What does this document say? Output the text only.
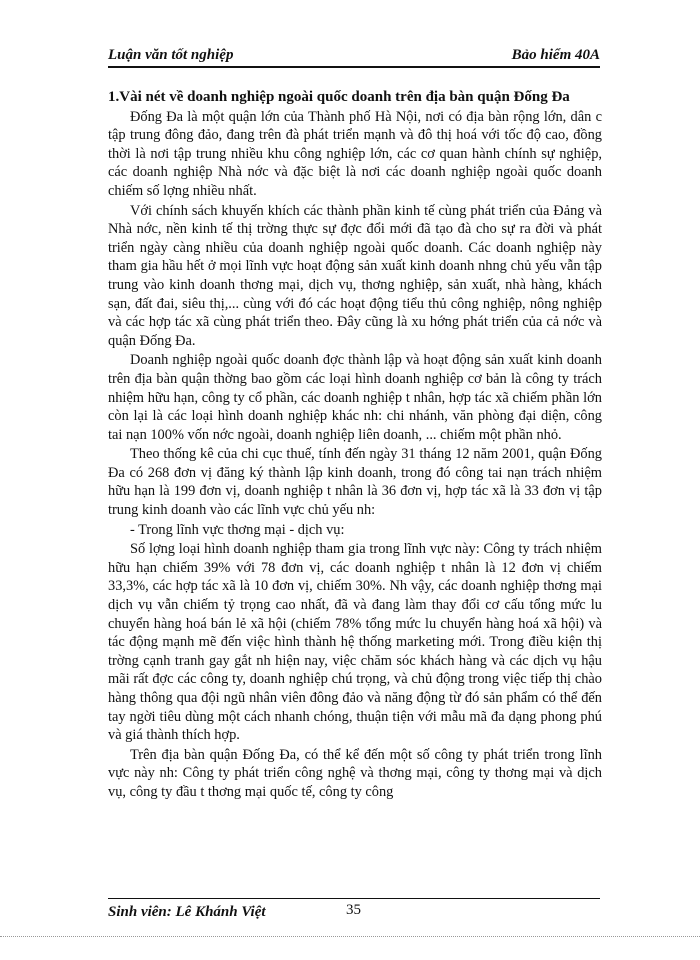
Luận văn tốt nghiệp	Bảo hiểm 40A
1.Vài nét về doanh nghiệp ngoài quốc doanh trên địa bàn quận Đống Đa

Đống Đa là một quận lớn của Thành phố Hà Nội, nơi có địa bàn rộng lớn, dân c tập trung đông đảo, đang trên đà phát triển mạnh và đô thị hoá với tốc độ cao, đồng thời là nơi tập trung nhiều khu công nghiệp lớn, các cơ quan hành chính sự nghiệp, các doanh nghiệp Nhà nớc và đặc biệt là nơi các doanh nghiệp ngoài quốc doanh chiếm số lợng nhiều nhất.

Với chính sách khuyến khích các thành phần kinh tế cùng phát triển của Đảng và Nhà nớc, nền kinh tế thị trờng thực sự đợc đổi mới đã tạo đà cho sự ra đời và phát triển ngày càng nhiều của doanh nghiệp ngoài quốc doanh. Các doanh nghiệp này tham gia hầu hết ở mọi lĩnh vực hoạt động sản xuất kinh doanh nhng chủ yếu vẫn tập trung vào kinh doanh thơng mại, dịch vụ, thơng nghiệp, sản xuất, nhà hàng, khách sạn, đất đai, siêu thị,... cùng với đó các hoạt động tiểu thủ công nghiệp, nông nghiệp và các hợp tác xã cùng phát triển theo. Đây cũng là xu hớng phát triển của cả nớc và quận Đống Đa.

Doanh nghiệp ngoài quốc doanh đợc thành lập và hoạt động sản xuất kinh doanh trên địa bàn quận thờng bao gồm các loại hình doanh nghiệp cơ bản là công ty trách nhiệm hữu hạn, công ty cổ phần, các doanh nghiệp t nhân, hợp tác xã chiếm phần lớn còn lại là các loại hình doanh nghiệp khác nh: chi nhánh, văn phòng đại diện, công tai nạn 100% vốn nớc ngoài, doanh nghiệp liên doanh, ... chiếm một phần nhỏ.

Theo thống kê của chi cục thuế, tính đến ngày 31 tháng 12 năm 2001, quận Đống Đa có 268 đơn vị đăng ký thành lập kinh doanh, trong đó công tai nạn trách nhiệm hữu hạn là 199 đơn vị, doanh nghiệp t nhân là 36 đơn vị, hợp tác xã là 33 đơn vị tập trung kinh doanh vào các lĩnh vực chủ yếu nh:

- Trong lĩnh vực thơng mại - dịch vụ:

Số lợng loại hình doanh nghiệp tham gia trong lĩnh vực này: Công ty trách nhiệm hữu hạn chiếm 39% với 78 đơn vị, các doanh nghiệp t nhân là 12 đơn vị chiếm 33,3%, các hợp tác xã là 10 đơn vị, chiếm 30%. Nh vậy, các doanh nghiệp thơng mại dịch vụ vẫn chiếm tỷ trọng cao nhất, đã và đang làm thay đổi cơ cấu tổng mức lu chuyển hàng hoá bán lẻ xã hội (chiếm 78% tổng mức lu chuyển hàng hoá xã hội) và tác động mạnh mẽ đến việc hình thành hệ thống marketing mới. Trong điều kiện thị trờng cạnh tranh gay gắt nh hiện nay, việc chăm sóc khách hàng và các dịch vụ hậu mãi rất đợc các công ty, doanh nghiệp chú trọng, và chủ động trong việc tiếp thị chào hàng thông qua đội ngũ nhân viên đông đảo và năng động từ đó sản phẩm có thể đến tay ngời tiêu dùng một cách nhanh chóng, thuận tiện với mẫu mã đa dạng phong phú và giá thành thích hợp.

Trên địa bàn quận Đống Đa, có thể kể đến một số công ty phát triển trong lĩnh vực này nh: Công ty phát triển công nghệ và thơng mại, công ty thơng mại và dịch vụ, công ty đầu t thơng mại quốc tế, công ty công

Sinh viên: Lê Khánh Việt	35
